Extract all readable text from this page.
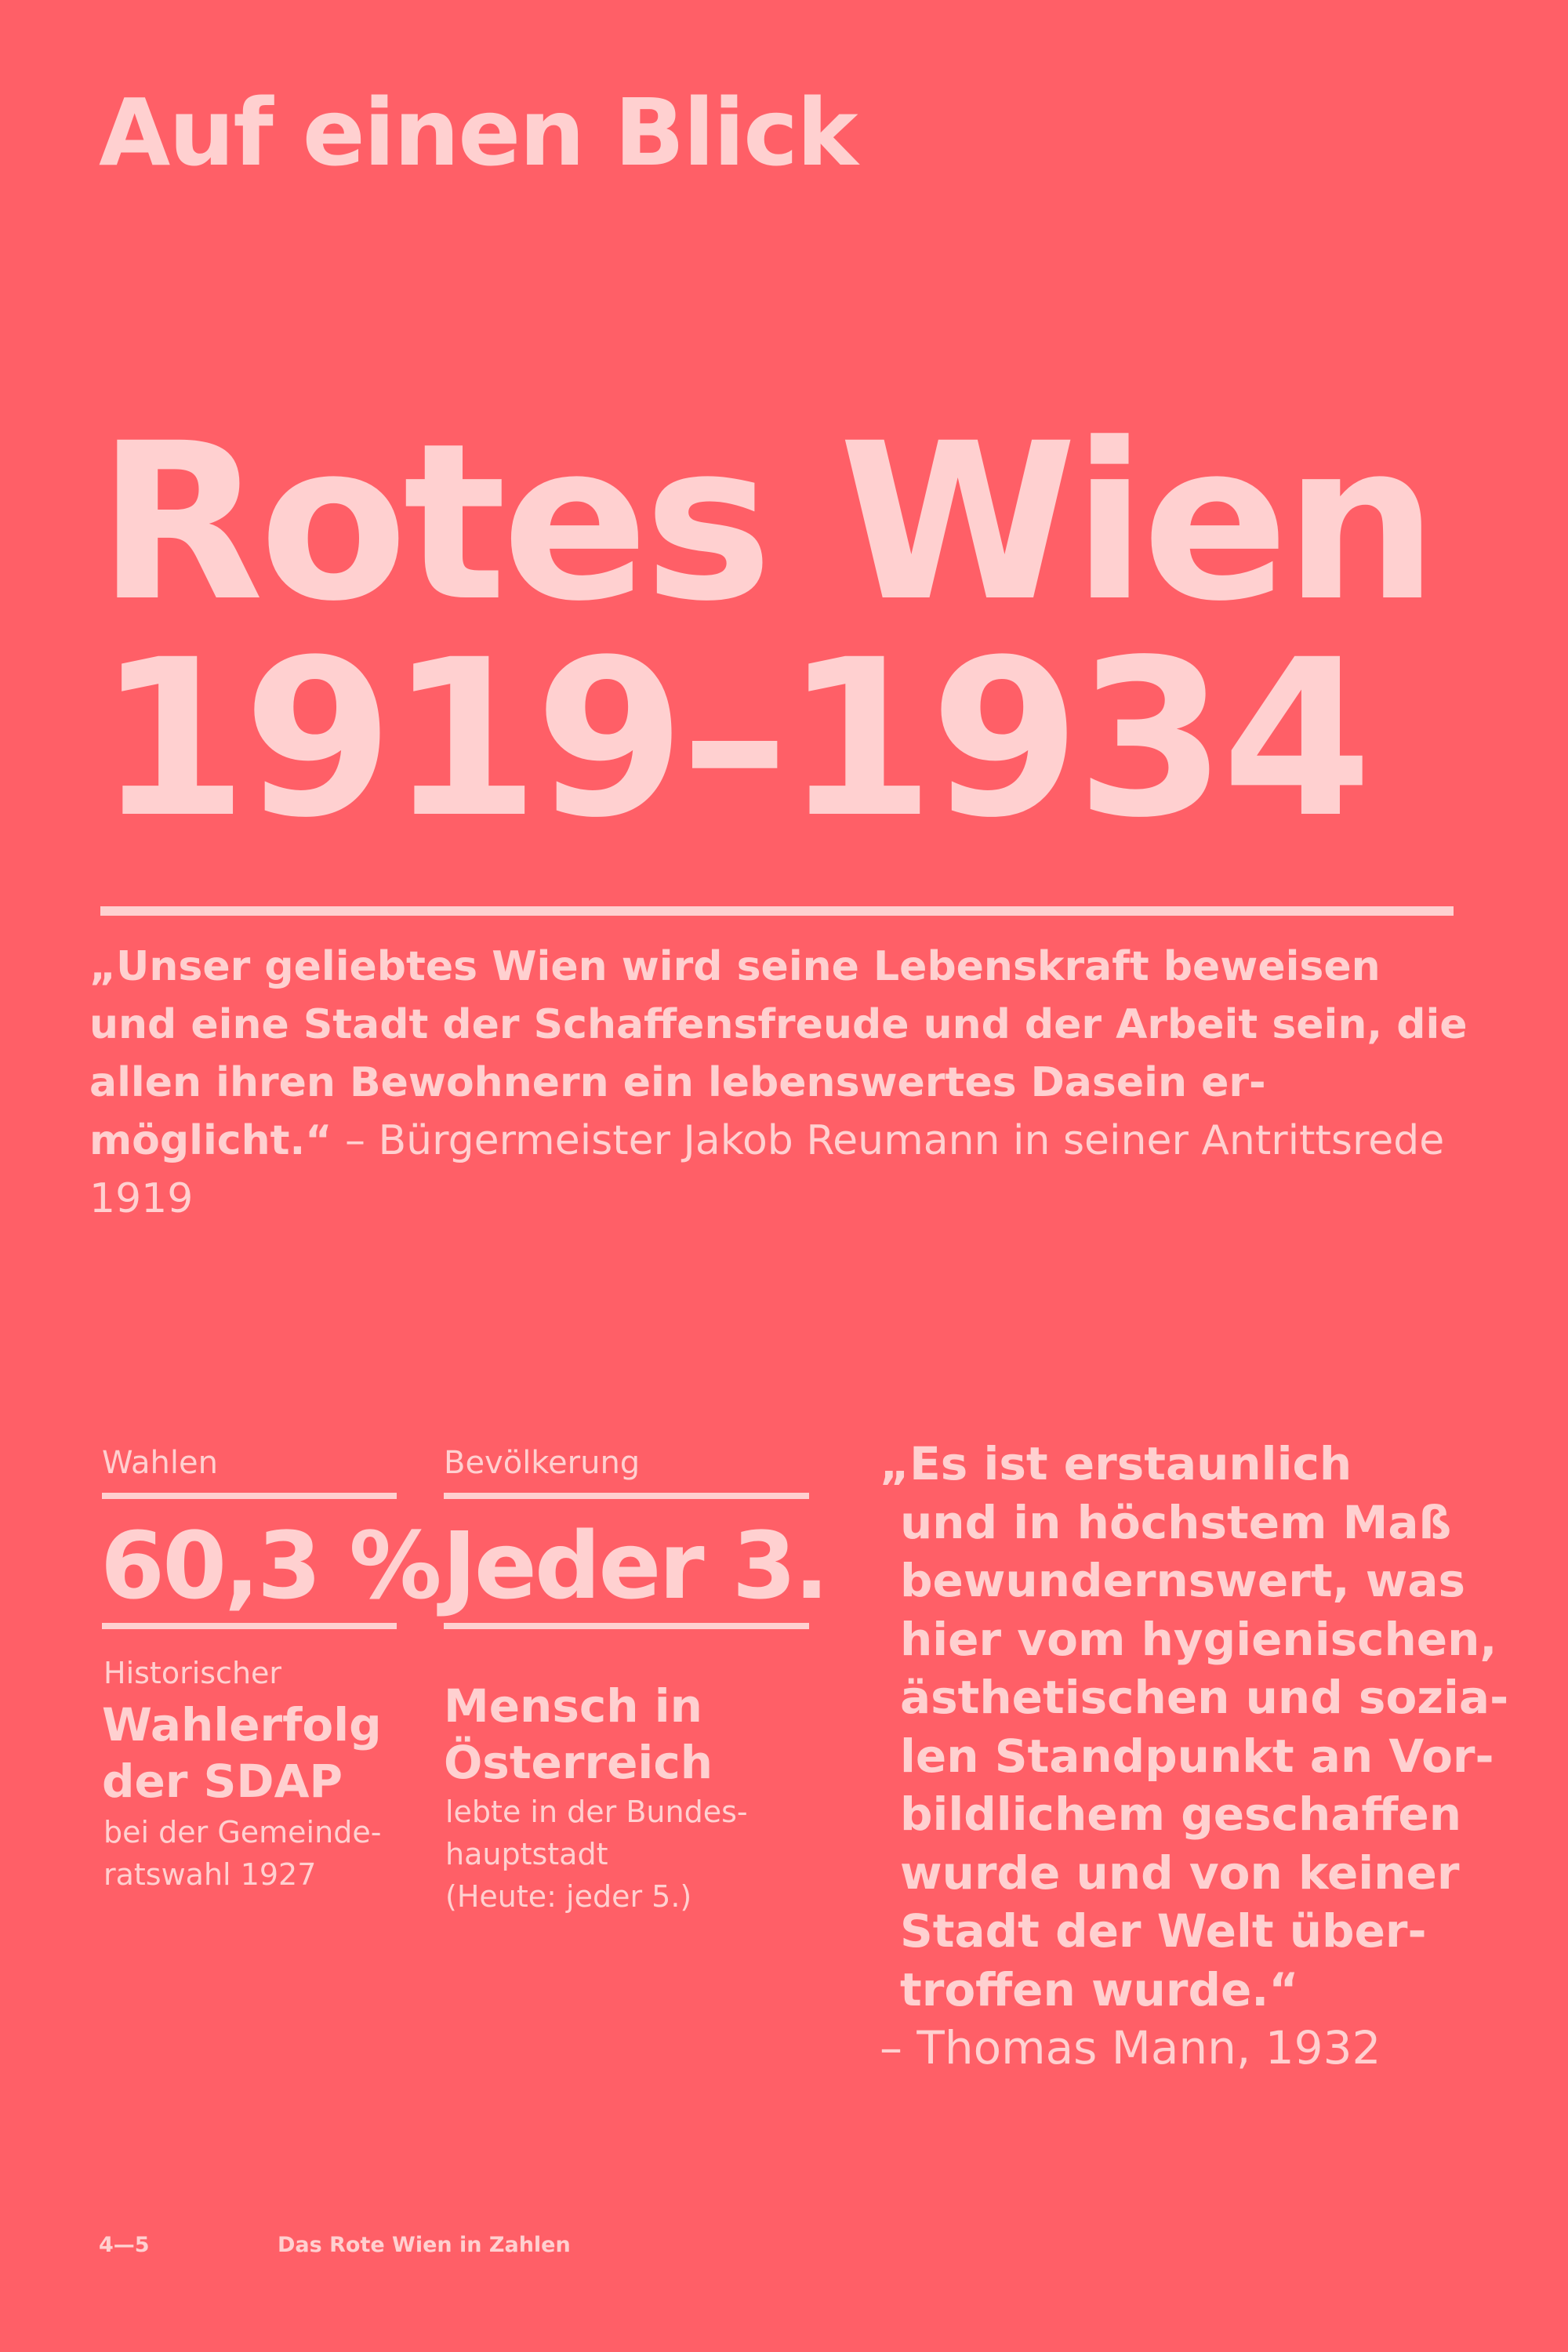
Auf einen Blick
Rotes Wien
1919–1934
„Unser geliebtes Wien wird seine Lebenskraft beweisen und eine Stadt der Schaffensfreude und der Arbeit sein, die allen ihren Bewohnern ein lebenswertes Dasein ermöglicht.“ – Bürgermeister Jakob Reumann in seiner Antrittsrede 1919
Wahlen
60,3 %
Historischer
Wahlerfolg
der SDAP
bei der Gemeinde-
ratswahl 1927
Bevölkerung
Jeder 3.
Mensch in
Österreich
lebte in der Bundes-
hauptstadt
(Heute: jeder 5.)
„Es ist erstaunlich
und in höchstem Maß
bewundernswert, was
hier vom hygienischen,
ästhetischen und sozia-
len Standpunkt an Vor-
bildlichem geschaffen
wurde und von keiner
Stadt der Welt über-
troffen wurde.“
– Thomas Mann, 1932
4—5	Das Rote Wien in Zahlen
